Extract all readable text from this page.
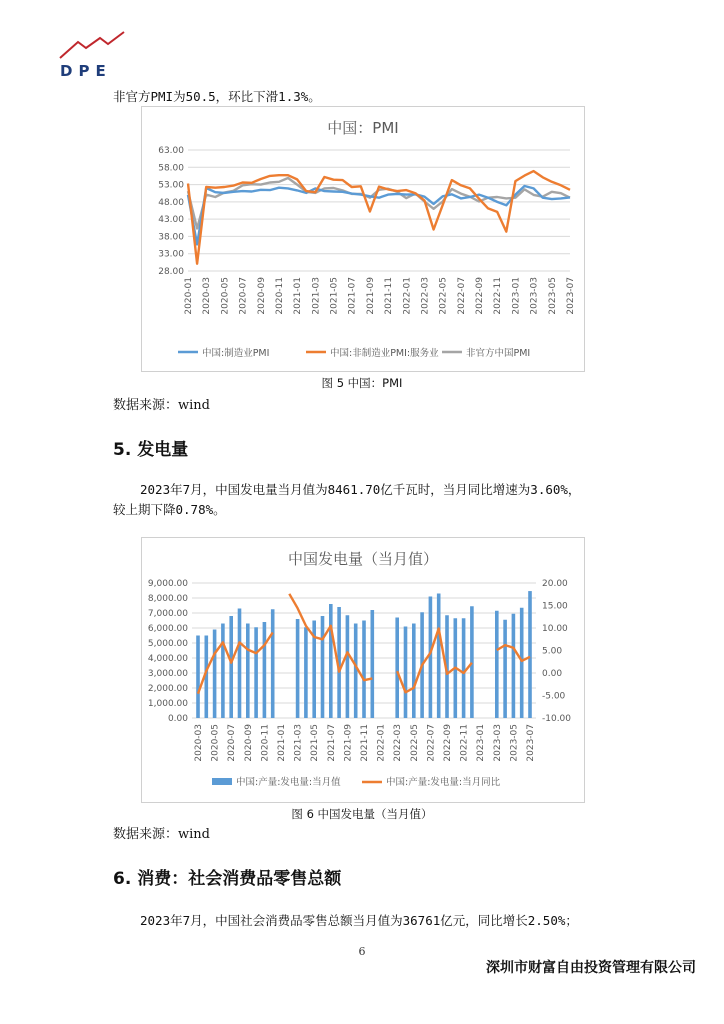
DPE
非官方PMI为50.5，环比下滑1.3%。
中国：PMI
28.00
33.00
38.00
43.00
48.00
53.00
58.00
63.00
2020-01 2020-03 2020-05 2020-07 2020-09 2020-11 2021-01 2021-03 2021-05 2021-07 2021-09 2021-11 2022-01 2022-03 2022-05 2022-07 2022-09 2022-11 2023-01 2023-03 2023-05 2023-07
中国:制造业PMI	中国:非制造业PMI:服务业	非官方中国PMI
图 5 中国：PMI
数据来源：wind
5. 发电量
2023年7月，中国发电量当月值为8461.70亿千瓦时，当月同比增速为3.60%，
较上期下降0.78%。
中国发电量（当月值）
0.00
1,000.00
2,000.00
3,000.00
4,000.00
5,000.00
6,000.00
7,000.00
8,000.00
9,000.00
-10.00
-5.00
0.00
5.00
10.00
15.00
20.00
2020-03 2020-05 2020-07 2020-09 2020-11 2021-01 2021-03 2021-05 2021-07 2021-09 2021-11 2022-01 2022-03 2022-05 2022-07 2022-09 2022-11 2023-01 2023-03 2023-05 2023-07
中国:产量:发电量:当月值	中国:产量:发电量:当月同比
图 6 中国发电量（当月值）
数据来源：wind
6. 消费：社会消费品零售总额
2023年7月，中国社会消费品零售总额当月值为36761亿元，同比增长2.50%；
6
深圳市财富自由投资管理有限公司
